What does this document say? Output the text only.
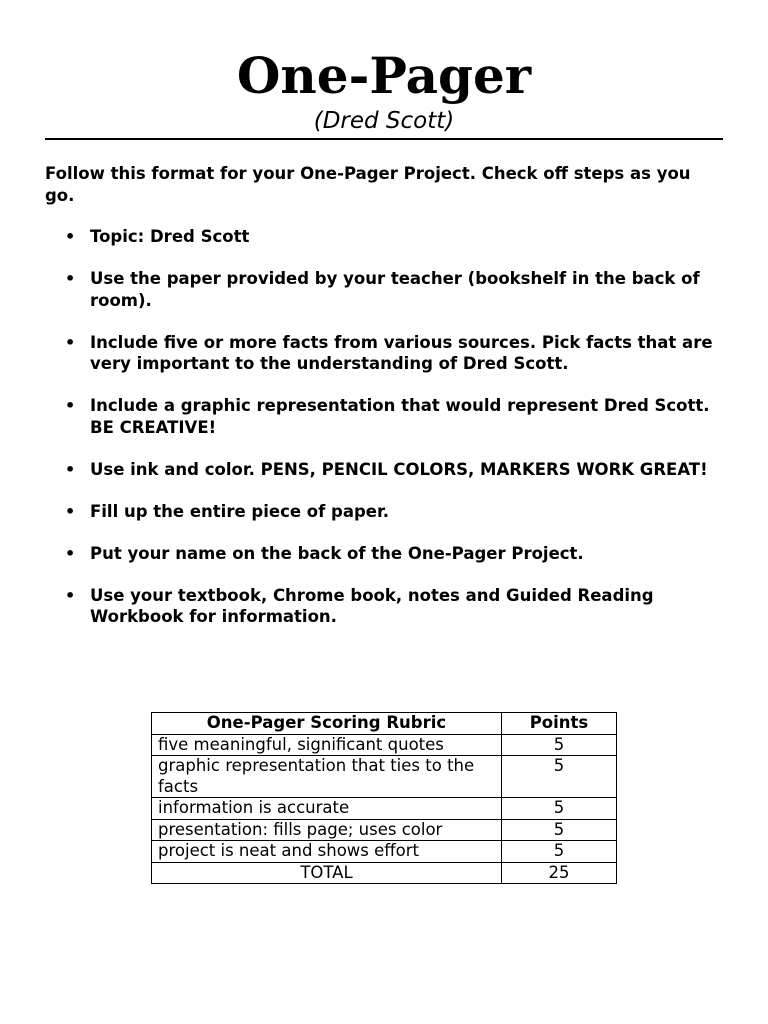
One-Pager
(Dred Scott)

Follow this format for your One-Pager Project. Check off steps as you go.

• Topic: Dred Scott
• Use the paper provided by your teacher (bookshelf in the back of room).
• Include five or more facts from various sources. Pick facts that are very important to the understanding of Dred Scott.
• Include a graphic representation that would represent Dred Scott. BE CREATIVE!
• Use ink and color. PENS, PENCIL COLORS, MARKERS WORK GREAT!
• Fill up the entire piece of paper.
• Put your name on the back of the One-Pager Project.
• Use your textbook, Chrome book, notes and Guided Reading Workbook for information.
One-Pager Scoring Rubric	Points
five meaningful, significant quotes	5
graphic representation that ties to the facts	5
information is accurate	5
presentation: fills page; uses color	5
project is neat and shows effort	5
TOTAL	25
